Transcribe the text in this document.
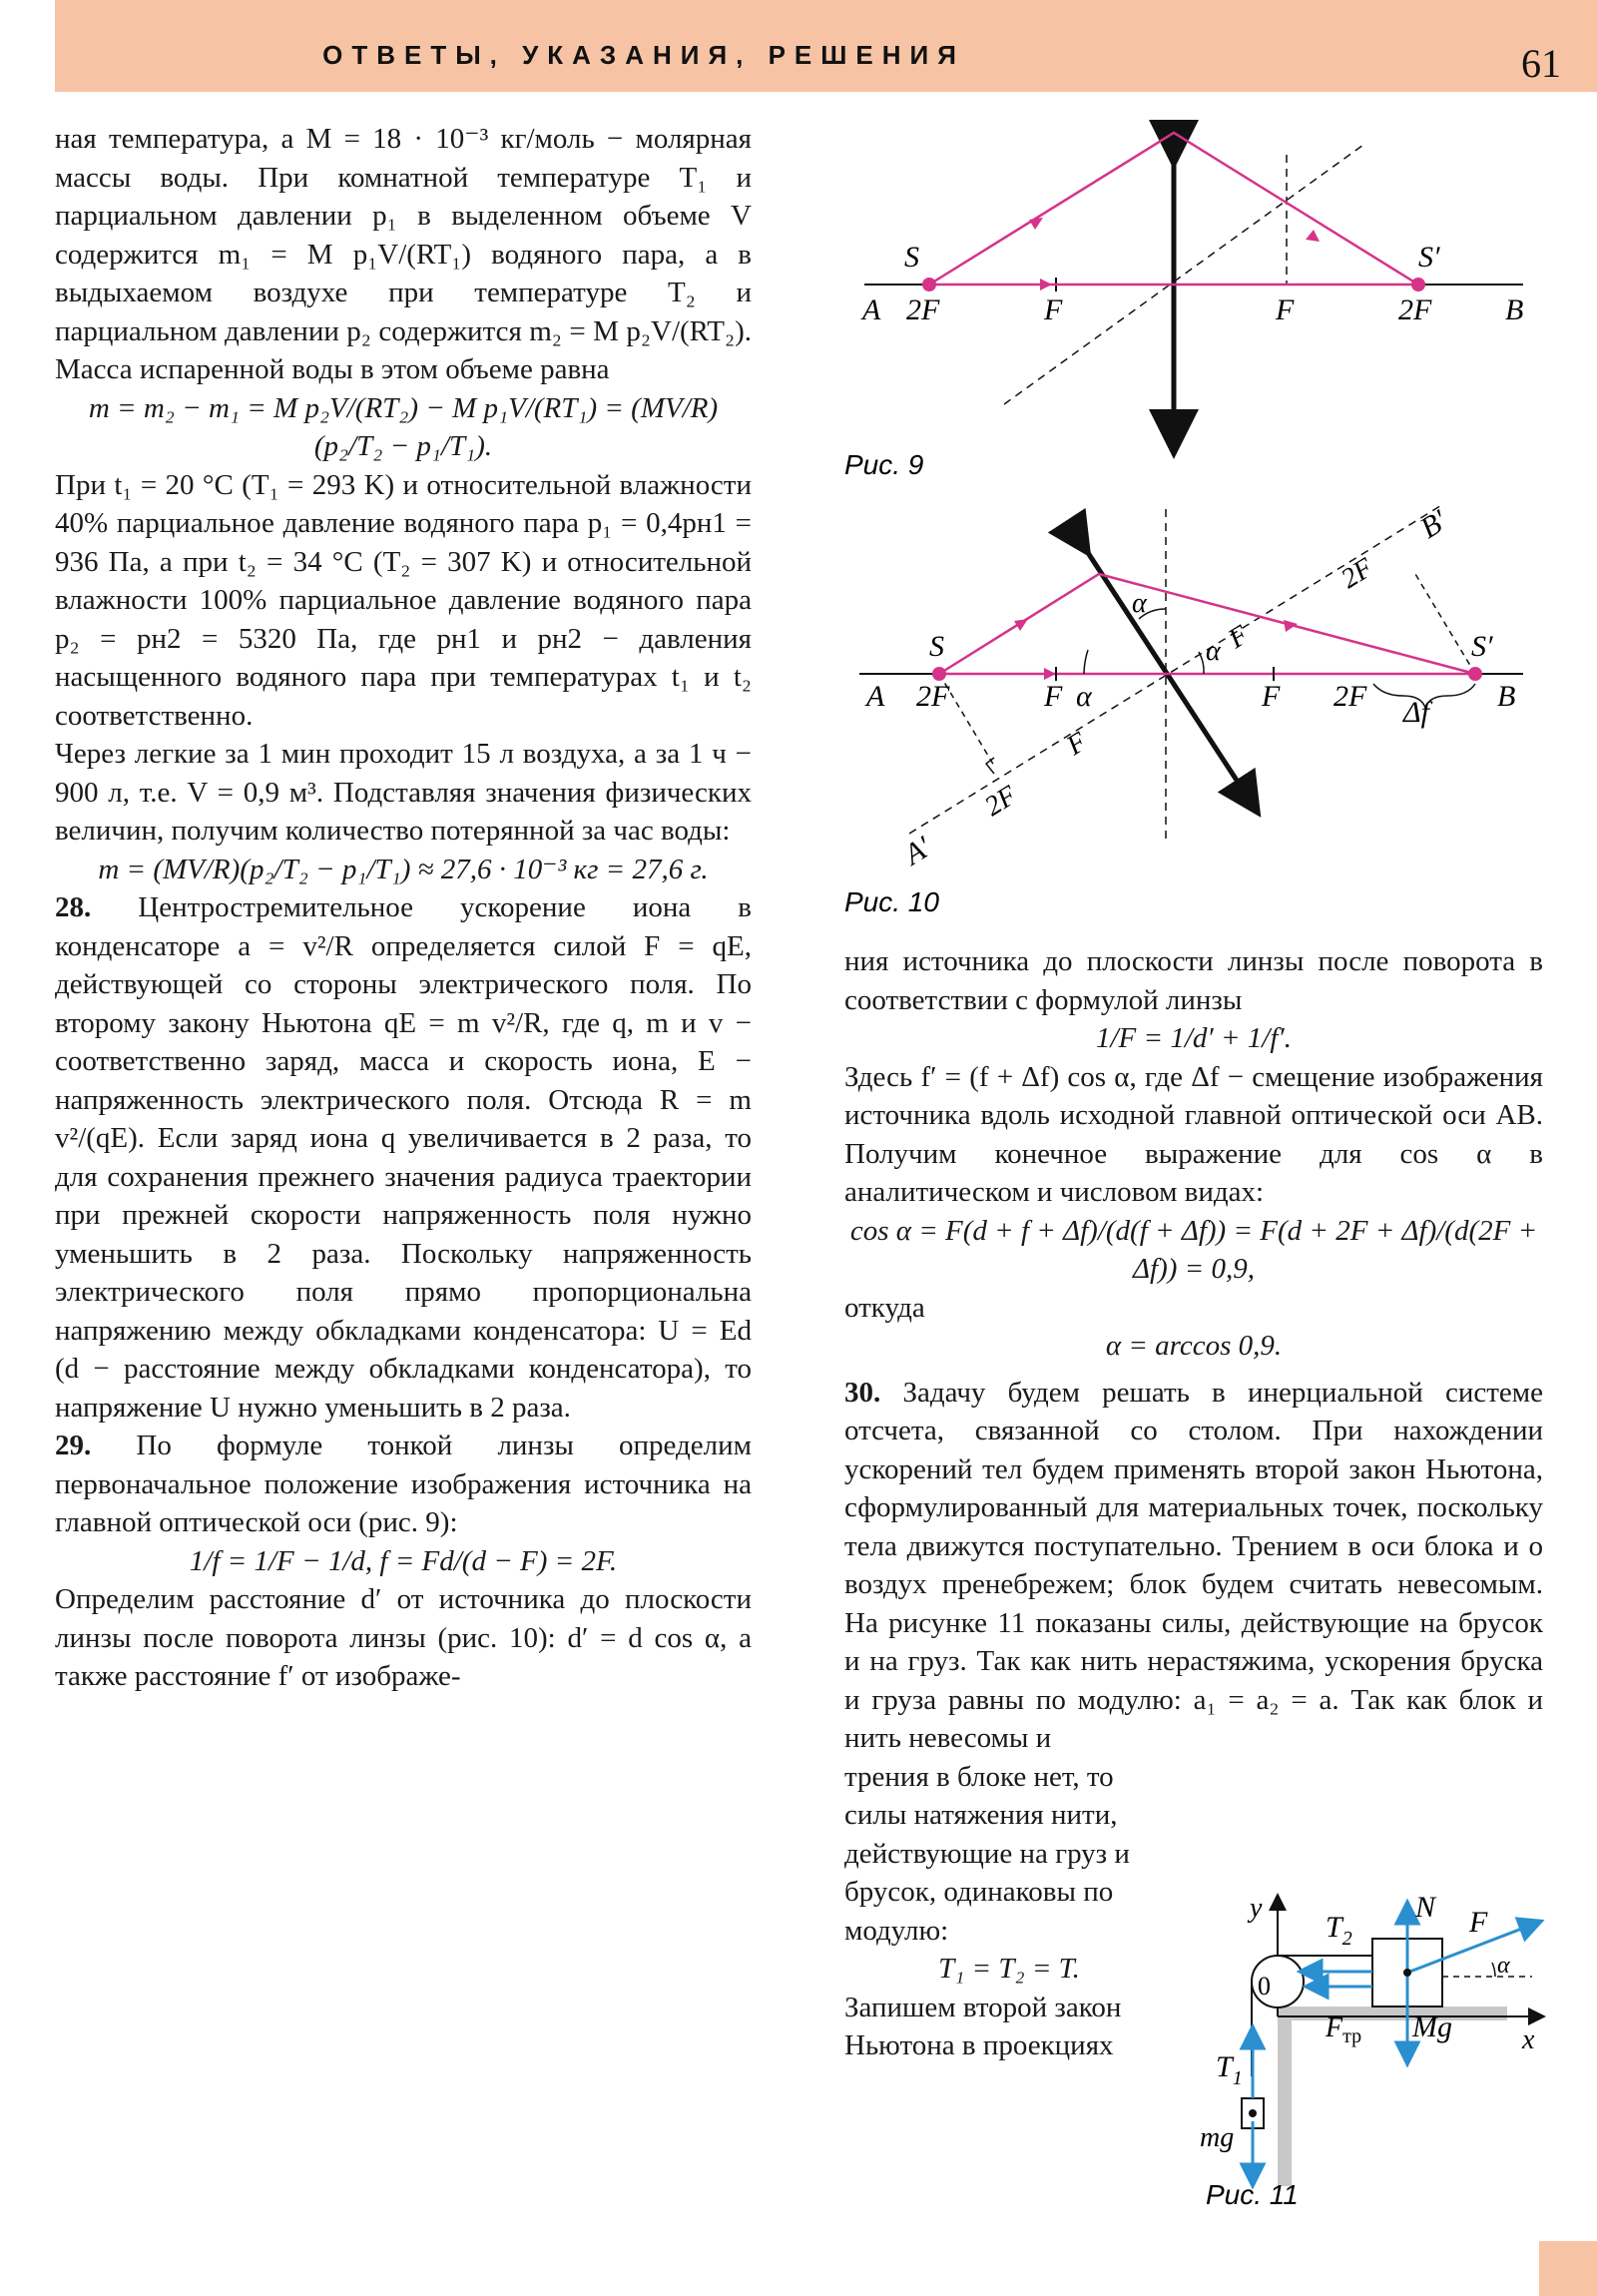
ОТВЕТЫ, УКАЗАНИЯ, РЕШЕНИЯ	61

ная температура, а M = 18 · 10⁻³ кг/моль − молярная массы воды. При комнатной температуре T₁ и парциальном давлении p₁ в выделенном объеме V содержится m₁ = M p₁V/(RT₁) водяного пара, а в выдыхаемом воздухе при температуре T₂ и парциальном давлении p₂ содержится m₂ = M p₂V/(RT₂). Масса испаренной воды в этом объеме равна

m = m₂ − m₁ = M p₂V/(RT₂) − M p₁V/(RT₁) = (MV/R)(p₂/T₂ − p₁/T₁).

При t₁ = 20 °C (T₁ = 293 K) и относительной влажности 40% парциальное давление водяного пара p₁ = 0,4pн1 = 936 Па, а при t₂ = 34 °C (T₂ = 307 K) и относительной влажности 100% парциальное давление водяного пара p₂ = pн2 = 5320 Па, где pн1 и pн2 − давления насыщенного водяного пара при температурах t₁ и t₂ соответственно.

Через легкие за 1 мин проходит 15 л воздуха, а за 1 ч − 900 л, т.е. V = 0,9 м³. Подставляя значения физических величин, получим количество потерянной за час воды:

m = (MV/R)(p₂/T₂ − p₁/T₁) ≈ 27,6 · 10⁻³ кг = 27,6 г.

28. Центростремительное ускорение иона в конденсаторе a = v²/R определяется силой F = qE, действующей со стороны электрического поля. По второму закону Ньютона qE = m v²/R, где q, m и v − соответственно заряд, масса и скорость иона, E − напряженность электрического поля. Отсюда R = m v²/(qE). Если заряд иона q увеличивается в 2 раза, то для сохранения прежнего значения радиуса траектории при прежней скорости напряженность поля нужно уменьшить в 2 раза. Поскольку напряженность электрического поля прямо пропорциональна напряжению между обкладками конденсатора: U = Ed (d − расстояние между обкладками конденсатора), то напряжение U нужно уменьшить в 2 раза.

29. По формуле тонкой линзы определим первоначальное положение изображения источника на главной оптической оси (рис. 9):

1/f = 1/F − 1/d, f = Fd/(d − F) = 2F.

Определим расстояние d′ от источника до плоскости линзы после поворота линзы (рис. 10): d′ = d cos α, а также расстояние f′ от изображе-

S	S′
A 2F	F	F	2F B
Рис. 9
S	S′
A 2F	F α	F 2F Δf B
α
α F
2F
B′
F
2F
A′
Рис. 10

ния источника до плоскости линзы после поворота в соответствии с формулой линзы

1/F = 1/d′ + 1/f′.

Здесь f′ = (f + Δf) cos α, где Δf − смещение изображения источника вдоль исходной главной оптической оси AB. Получим конечное выражение для cos α в аналитическом и числовом видах:

cos α = F(d + f + Δf)/(d(f + Δf)) = F(d + 2F + Δf)/(d(2F + Δf)) = 0,9,

откуда

α = arccos 0,9.

30. Задачу будем решать в инерциальной системе отсчета, связанной со столом. При нахождении ускорений тел будем применять второй закон Ньютона, сформулированный для материальных точек, поскольку тела движутся поступательно. Трением в оси блока и о воздух пренебрежем; блок будем считать невесомым. На рисунке 11 показаны силы, действующие на брусок и на груз. Так как нить нерастяжима, ускорения бруска и груза равны по модулю: a₁ = a₂ = a. Так как блок и нить невесомы и

трения в блоке нет, то силы натяжения нити, действующие на груз и брусок, одинаковы по модулю:

T₁ = T₂ = T.

Запишем второй закон Ньютона в проекциях

y
x
0
$T_2$
N F
α
$F_{тр}$ Mg
$T_1$
mg
Рис. 11
